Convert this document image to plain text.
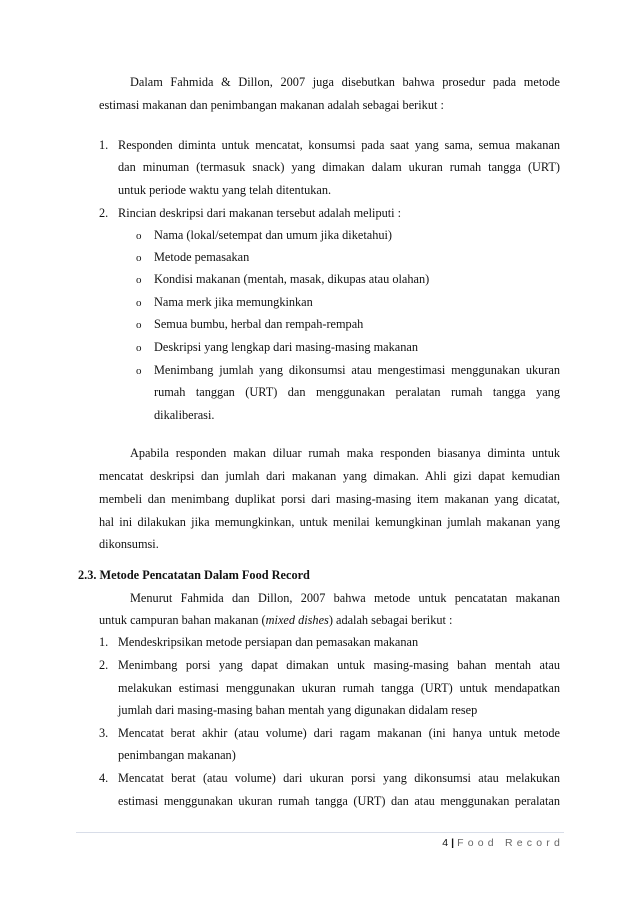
Dalam Fahmida & Dillon, 2007 juga disebutkan bahwa prosedur pada metode
estimasi makanan dan penimbangan makanan adalah sebagai berikut :
1. Responden diminta untuk mencatat, konsumsi pada saat yang sama, semua makanan
dan minuman (termasuk snack) yang dimakan dalam ukuran rumah tangga (URT)
untuk periode waktu yang telah ditentukan.
2. Rincian deskripsi dari makanan tersebut adalah meliputi :
o Nama (lokal/setempat dan umum jika diketahui)
o Metode pemasakan
o Kondisi makanan (mentah, masak, dikupas atau olahan)
o Nama merk jika memungkinkan
o Semua bumbu, herbal dan rempah-rempah
o Deskripsi yang lengkap dari masing-masing makanan
o Menimbang jumlah yang dikonsumsi atau mengestimasi menggunakan ukuran
rumah tanggan (URT) dan menggunakan peralatan rumah tangga yang
dikaliberasi.
Apabila responden makan diluar rumah maka responden biasanya diminta untuk
mencatat deskripsi dan jumlah dari makanan yang dimakan. Ahli gizi dapat kemudian
membeli dan menimbang duplikat porsi dari masing-masing item makanan yang dicatat,
hal ini dilakukan jika memungkinkan, untuk menilai kemungkinan jumlah makanan yang
dikonsumsi.
2.3. Metode Pencatatan Dalam Food Record
Menurut Fahmida dan Dillon, 2007 bahwa metode untuk pencatatan makanan
untuk campuran bahan makanan (mixed dishes) adalah sebagai berikut :
1. Mendeskripsikan metode persiapan dan pemasakan makanan
2. Menimbang porsi yang dapat dimakan untuk masing-masing bahan mentah atau
melakukan estimasi menggunakan ukuran rumah tangga (URT) untuk mendapatkan
jumlah dari masing-masing bahan mentah yang digunakan didalam resep
3. Mencatat berat akhir (atau volume) dari ragam makanan (ini hanya untuk metode
penimbangan makanan)
4. Mencatat berat (atau volume) dari ukuran porsi yang dikonsumsi atau melakukan
estimasi menggunakan ukuran rumah tangga (URT) dan atau menggunakan peralatan
4 | Food Record
